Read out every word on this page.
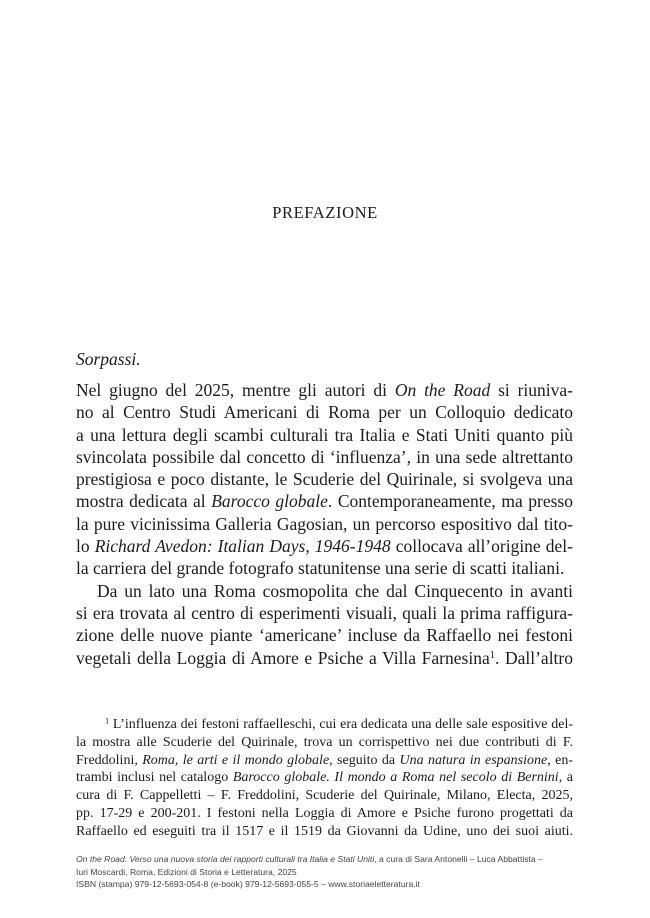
PREFAZIONE
Sorpassi.
Nel giugno del 2025, mentre gli autori di On the Road si riuniva-
no al Centro Studi Americani di Roma per un Colloquio dedicato
a una lettura degli scambi culturali tra Italia e Stati Uniti quanto più
svincolata possibile dal concetto di ‘influenza’, in una sede altrettanto
prestigiosa e poco distante, le Scuderie del Quirinale, si svolgeva una
mostra dedicata al Barocco globale. Contemporaneamente, ma presso
la pure vicinissima Galleria Gagosian, un percorso espositivo dal tito-
lo Richard Avedon: Italian Days, 1946-1948 collocava all’origine del-
la carriera del grande fotografo statunitense una serie di scatti italiani.
Da un lato una Roma cosmopolita che dal Cinquecento in avanti
si era trovata al centro di esperimenti visuali, quali la prima raffigura-
zione delle nuove piante ‘americane’ incluse da Raffaello nei festoni
vegetali della Loggia di Amore e Psiche a Villa Farnesina$^1$. Dall’altro
$^1$ L’influenza dei festoni raffaelleschi, cui era dedicata una delle sale espositive del-
la mostra alle Scuderie del Quirinale, trova un corrispettivo nei due contributi di F.
Freddolini, Roma, le arti e il mondo globale, seguito da Una natura in espansione, en-
trambi inclusi nel catalogo Barocco globale. Il mondo a Roma nel secolo di Bernini, a
cura di F. Cappelletti – F. Freddolini, Scuderie del Quirinale, Milano, Electa, 2025,
pp. 17-29 e 200-201. I festoni nella Loggia di Amore e Psiche furono progettati da
Raffaello ed eseguiti tra il 1517 e il 1519 da Giovanni da Udine, uno dei suoi aiuti.
On the Road. Verso una nuova storia dei rapporti culturali tra Italia e Stati Uniti, a cura di Sara Antonelli – Luca Abbattista –
Iuri Moscardi, Roma, Edizioni di Storia e Letteratura, 2025
ISBN (stampa) 979-12-5693-054-8 (e-book) 979-12-5693-055-5 – www.storiaeletteratura.it
